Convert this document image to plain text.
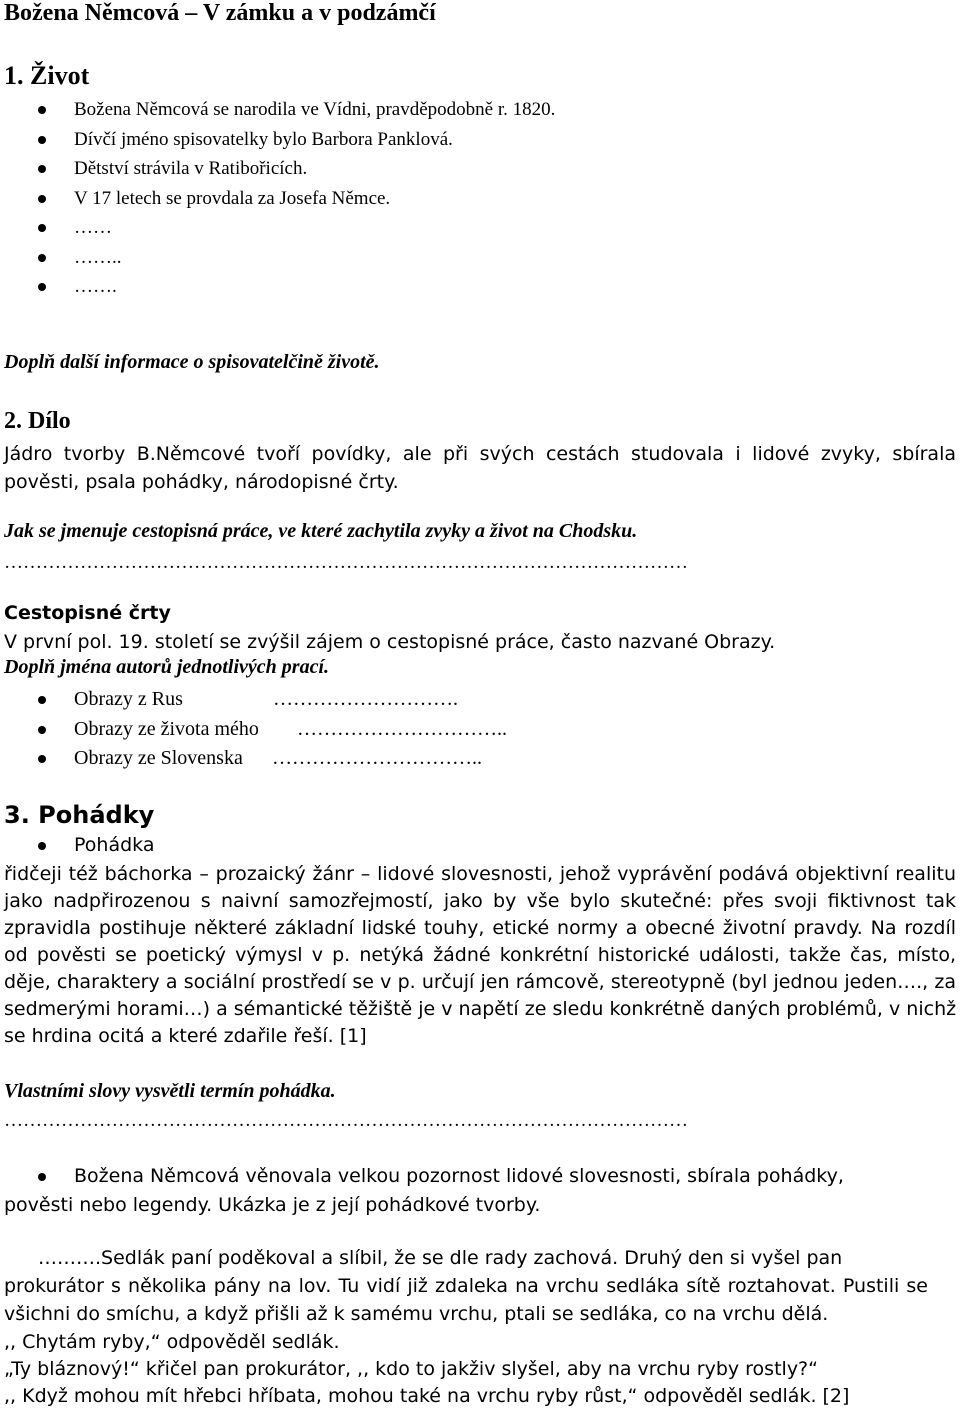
Božena Němcová – V zámku a v podzámčí
1. Život
Božena Němcová se narodila ve Vídni, pravděpodobně r. 1820.
Dívčí jméno spisovatelky bylo Barbora Panklová.
Dětství strávila v Ratibořicích.
V 17 letech se provdala za Josefa Němce.
……
……..
…….
Doplň další informace o spisovatelčině životě.
2. Dílo
Jádro tvorby B.Němcové tvoří povídky, ale při svých cestách studovala i lidové zvyky, sbírala
pověsti, psala pohádky, národopisné črty.
Jak se jmenuje cestopisná práce, ve které zachytila zvyky a život na Chodsku.
………………………………………………………………………………………………
Cestopisné črty
V první pol. 19. století se zvýšil zájem o cestopisné práce, často nazvané Obrazy.
Doplň jména autorů jednotlivých prací.
Obrazy z Rus	……………………….
Obrazy ze života mého …………………………..
Obrazy ze Slovenska …………………………..
3. Pohádky
Pohádka
řidčeji též báchorka – prozaický žánr – lidové slovesnosti, jehož vyprávění podává objektivní realitu
jako nadpřirozenou s naivní samozřejmostí, jako by vše bylo skutečné: přes svoji fiktivnost tak
zpravidla postihuje některé základní lidské touhy, etické normy a obecné životní pravdy. Na rozdíl
od pověsti se poetický výmysl v p. netýká žádné konkrétní historické události, takže čas, místo,
děje, charaktery a sociální prostředí se v p. určují jen rámcově, stereotypně (byl jednou jeden…., za
sedmerými horami…) a sémantické těžiště je v napětí ze sledu konkrétně daných problémů, v nichž
se hrdina ocitá a které zdařile řeší. [1]
Vlastními slovy vysvětli termín pohádka.
………………………………………………………………………………………………
Božena Němcová věnovala velkou pozornost lidové slovesnosti, sbírala pohádky,
pověsti nebo legendy. Ukázka je z její pohádkové tvorby.
……….Sedlák paní poděkoval a slíbil, že se dle rady zachová. Druhý den si vyšel pan
prokurátor s několika pány na lov. Tu vidí již zdaleka na vrchu sedláka sítě roztahovat. Pustili se
všichni do smíchu, a když přišli až k samému vrchu, ptali se sedláka, co na vrchu dělá.
,, Chytám ryby,“ odpověděl sedlák.
„Ty bláznový!“ křičel pan prokurátor, ,, kdo to jakživ slyšel, aby na vrchu ryby rostly?“
,, Když mohou mít hřebci hříbata, mohou také na vrchu ryby růst,“ odpověděl sedlák. [2]
